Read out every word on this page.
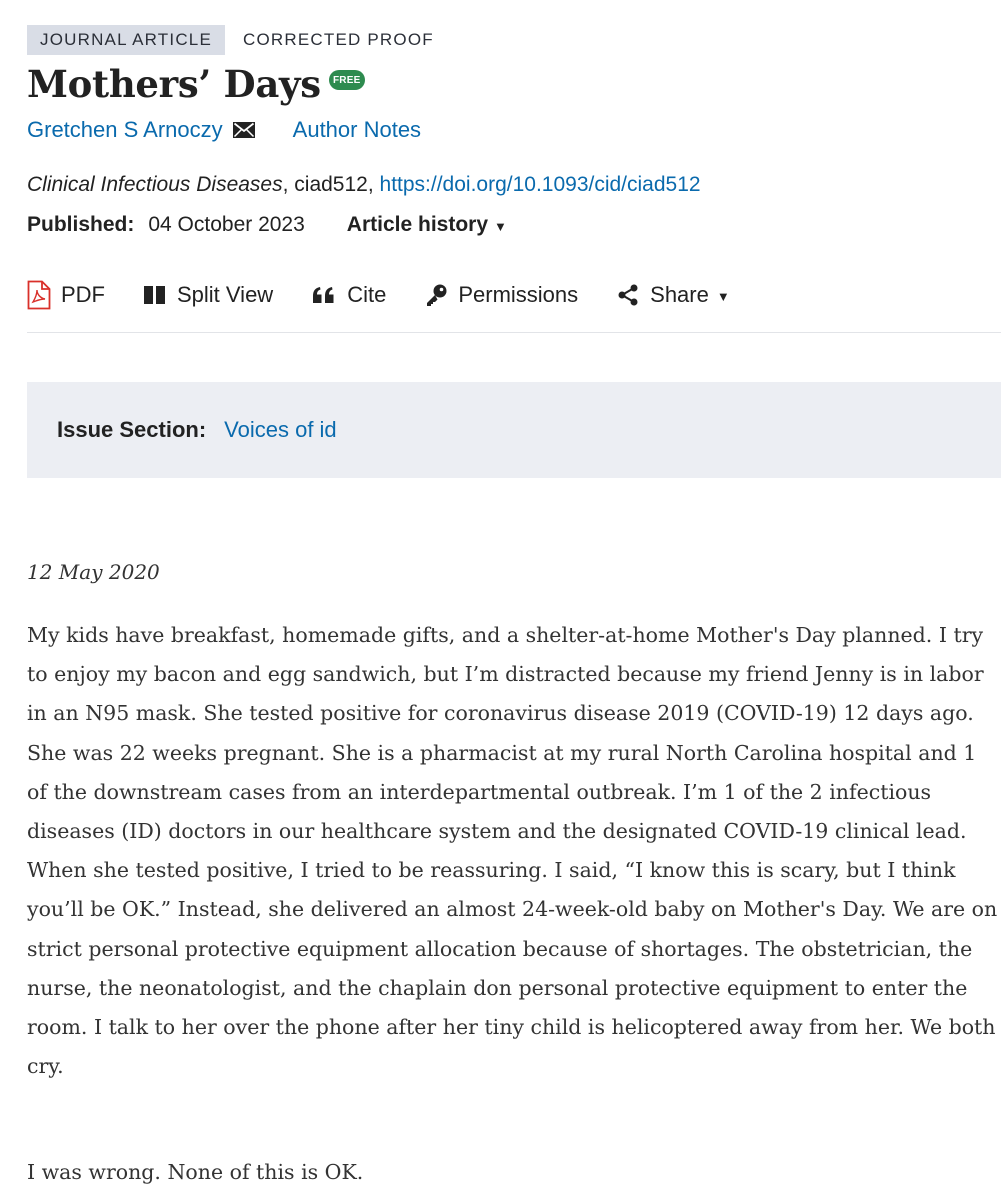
JOURNAL ARTICLE	CORRECTED PROOF
Mothers’ Days	FREE
Gretchen S Arnoczy	Author Notes
Clinical Infectious Diseases, ciad512, https://doi.org/10.1093/cid/ciad512
Published: 04 October 2023 Article history ▼
PDF	Split View	Cite	Permissions	Share ▼
Issue Section: Voices of id
12 May 2020

My kids have breakfast, homemade gifts, and a shelter-at-home Mother's Day planned. I try to enjoy my bacon and egg sandwich, but I’m distracted because my friend Jenny is in labor in an N95 mask. She tested positive for coronavirus disease 2019 (COVID-19) 12 days ago. She was 22 weeks pregnant. She is a pharmacist at my rural North Carolina hospital and 1 of the downstream cases from an interdepartmental outbreak. I’m 1 of the 2 infectious diseases (ID) doctors in our healthcare system and the designated COVID-19 clinical lead. When she tested positive, I tried to be reassuring. I said, “I know this is scary, but I think you’ll be OK.” Instead, she delivered an almost 24-week-old baby on Mother's Day. We are on strict personal protective equipment allocation because of shortages. The obstetrician, the nurse, the neonatologist, and the chaplain don personal protective equipment to enter the room. I talk to her over the phone after her tiny child is helicoptered away from her. We both cry.

I was wrong. None of this is OK.
